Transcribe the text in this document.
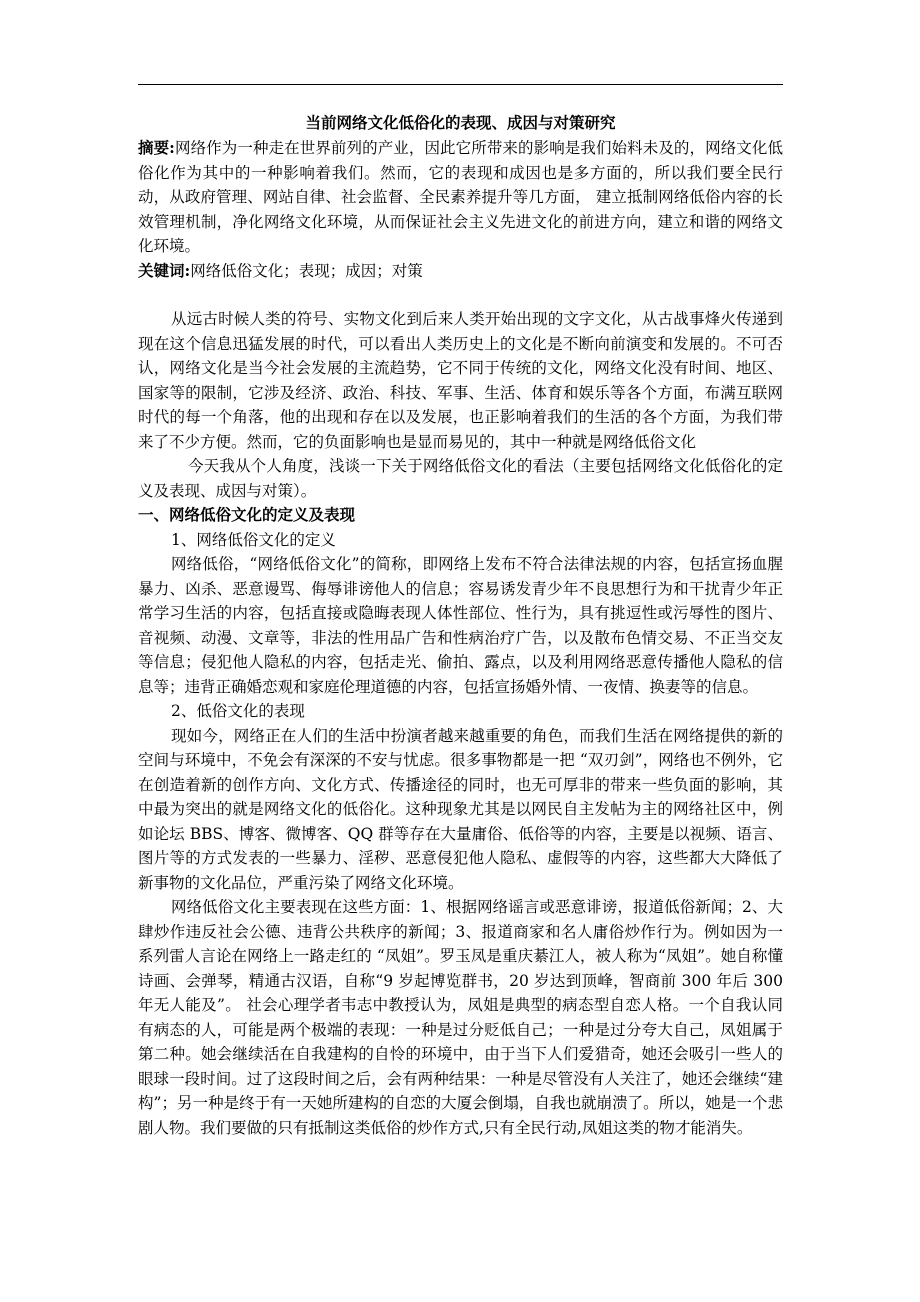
当前网络文化低俗化的表现、成因与对策研究

摘要:网络作为一种走在世界前列的产业，因此它所带来的影响是我们始料未及的，网络文化低俗化作为其中的一种影响着我们。然而，它的表现和成因也是多方面的，所以我们要全民行动，从政府管理、网站自律、社会监督、全民素养提升等几方面， 建立抵制网络低俗内容的长效管理机制，净化网络文化环境，从而保证社会主义先进文化的前进方向，建立和谐的网络文化环境。

关键词:网络低俗文化；表现；成因；对策

从远古时候人类的符号、实物文化到后来人类开始出现的文字文化，从古战事烽火传递到现在这个信息迅猛发展的时代，可以看出人类历史上的文化是不断向前演变和发展的。不可否认，网络文化是当今社会发展的主流趋势，它不同于传统的文化，网络文化没有时间、地区、国家等的限制，它涉及经济、政治、科技、军事、生活、体育和娱乐等各个方面，布满互联网时代的每一个角落，他的出现和存在以及发展，也正影响着我们的生活的各个方面，为我们带来了不少方便。然而，它的负面影响也是显而易见的，其中一种就是网络低俗文化

今天我从个人角度，浅谈一下关于网络低俗文化的看法（主要包括网络文化低俗化的定义及表现、成因与对策）。

一、网络低俗文化的定义及表现

1、网络低俗文化的定义

网络低俗，“网络低俗文化”的简称，即网络上发布不符合法律法规的内容，包括宣扬血腥暴力、凶杀、恶意谩骂、侮辱诽谤他人的信息；容易诱发青少年不良思想行为和干扰青少年正常学习生活的内容，包括直接或隐晦表现人体性部位、性行为，具有挑逗性或污辱性的图片、音视频、动漫、文章等，非法的性用品广告和性病治疗广告，以及散布色情交易、不正当交友等信息；侵犯他人隐私的内容，包括走光、偷拍、露点，以及利用网络恶意传播他人隐私的信息等；违背正确婚恋观和家庭伦理道德的内容，包括宣扬婚外情、一夜情、换妻等的信息。

2、低俗文化的表现

现如今，网络正在人们的生活中扮演者越来越重要的角色，而我们生活在网络提供的新的空间与环境中，不免会有深深的不安与忧虑。很多事物都是一把 “双刃剑”，网络也不例外，它在创造着新的创作方向、文化方式、传播途径的同时，也无可厚非的带来一些负面的影响，其中最为突出的就是网络文化的低俗化。这种现象尤其是以网民自主发帖为主的网络社区中，例如论坛 BBS、博客、微博客、QQ 群等存在大量庸俗、低俗等的内容，主要是以视频、语言、图片等的方式发表的一些暴力、淫秽、恶意侵犯他人隐私、虚假等的内容，这些都大大降低了新事物的文化品位，严重污染了网络文化环境。

网络低俗文化主要表现在这些方面：1、根据网络谣言或恶意诽谤，报道低俗新闻；2、大肆炒作违反社会公德、违背公共秩序的新闻；3、报道商家和名人庸俗炒作行为。例如因为一系列雷人言论在网络上一路走红的 “凤姐”。罗玉凤是重庆綦江人，被人称为“凤姐”。她自称懂诗画、会弹琴，精通古汉语，自称“9 岁起博览群书，20 岁达到顶峰，智商前 300 年后 300 年无人能及”。 社会心理学者韦志中教授认为，凤姐是典型的病态型自恋人格。一个自我认同有病态的人，可能是两个极端的表现：一种是过分贬低自己；一种是过分夸大自己，凤姐属于第二种。她会继续活在自我建构的自怜的环境中，由于当下人们爱猎奇，她还会吸引一些人的眼球一段时间。过了这段时间之后，会有两种结果：一种是尽管没有人关注了，她还会继续“建构”；另一种是终于有一天她所建构的自恋的大厦会倒塌，自我也就崩溃了。所以，她是一个悲剧人物。我们要做的只有抵制这类低俗的炒作方式,只有全民行动,凤姐这类的物才能消失。
